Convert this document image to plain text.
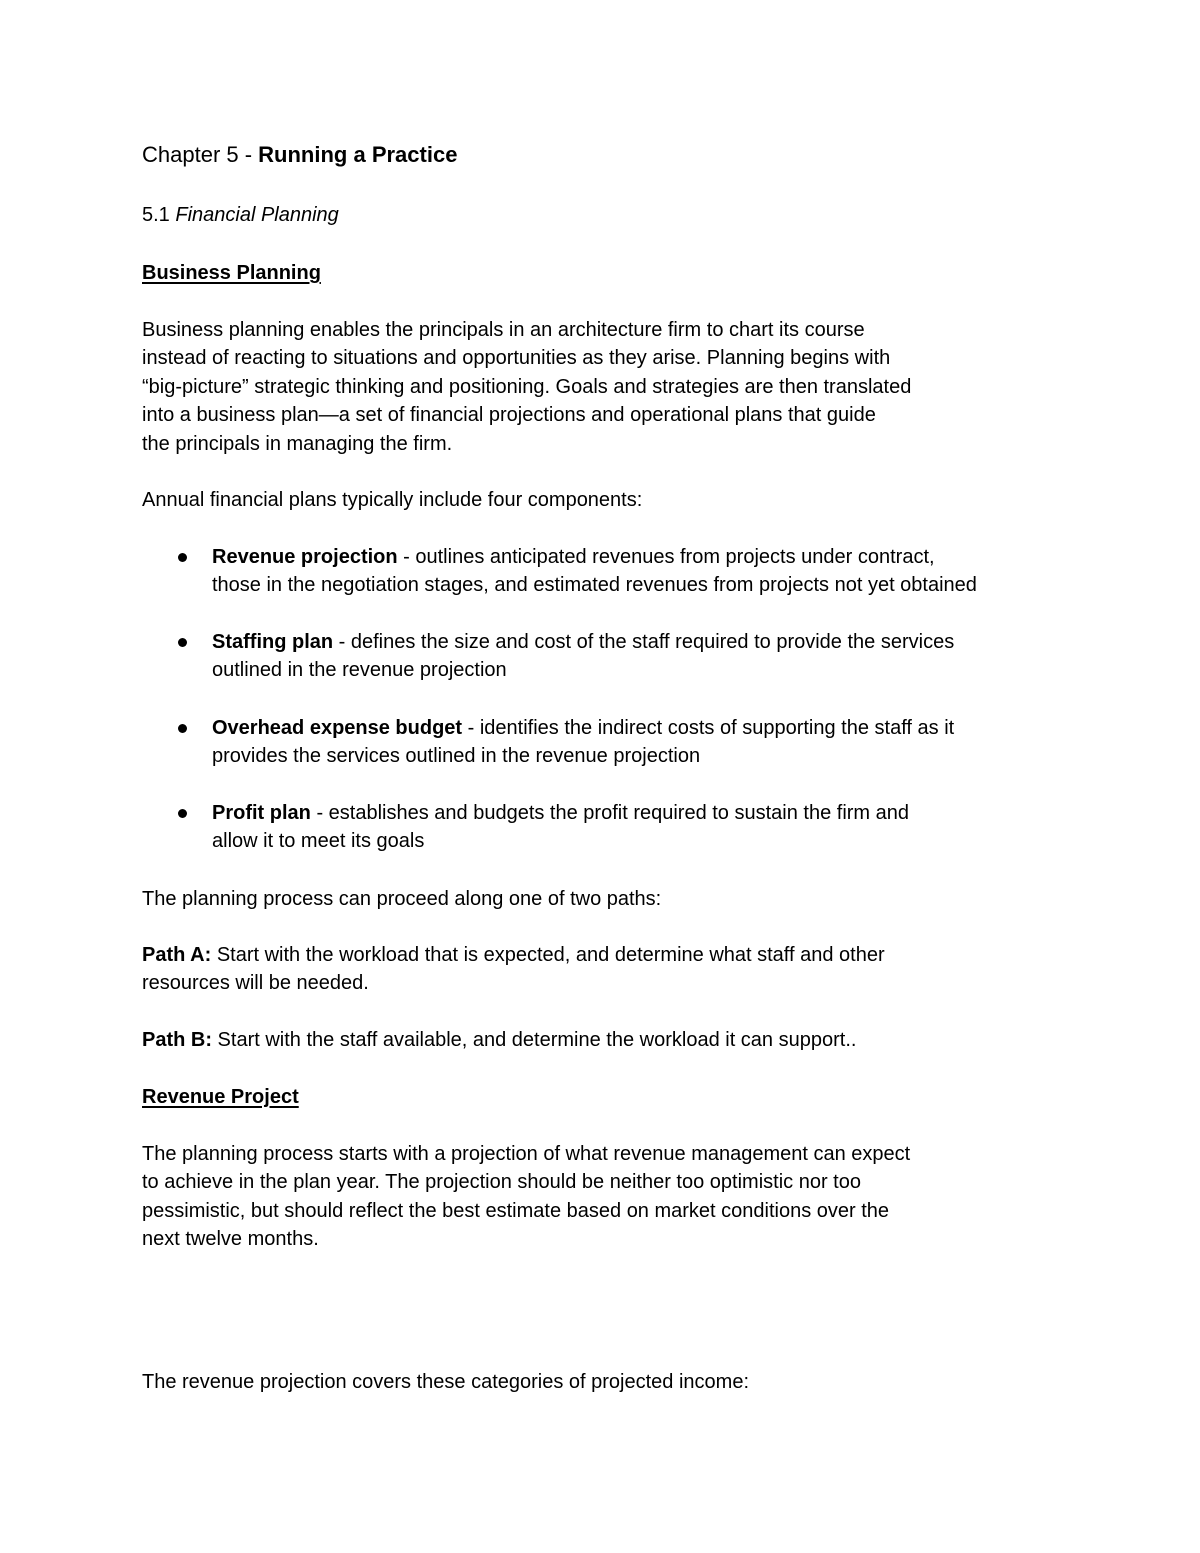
Chapter 5 - Running a Practice
5.1 Financial Planning
Business Planning
Business planning enables the principals in an architecture firm to chart its course
instead of reacting to situations and opportunities as they arise. Planning begins with
“big-picture” strategic thinking and positioning. Goals and strategies are then translated
into a business plan—a set of financial projections and operational plans that guide
the principals in managing the firm.
Annual financial plans typically include four components:
Revenue projection - outlines anticipated revenues from projects under contract,
those in the negotiation stages, and estimated revenues from projects not yet obtained
Staffing plan - defines the size and cost of the staff required to provide the services
outlined in the revenue projection
Overhead expense budget - identifies the indirect costs of supporting the staff as it
provides the services outlined in the revenue projection
Profit plan - establishes and budgets the profit required to sustain the firm and
allow it to meet its goals
The planning process can proceed along one of two paths:
Path A: Start with the workload that is expected, and determine what staff and other
resources will be needed.
Path B: Start with the staff available, and determine the workload it can support..
Revenue Project
The planning process starts with a projection of what revenue management can expect
to achieve in the plan year. The projection should be neither too optimistic nor too
pessimistic, but should reflect the best estimate based on market conditions over the
next twelve months.
The revenue projection covers these categories of projected income:
